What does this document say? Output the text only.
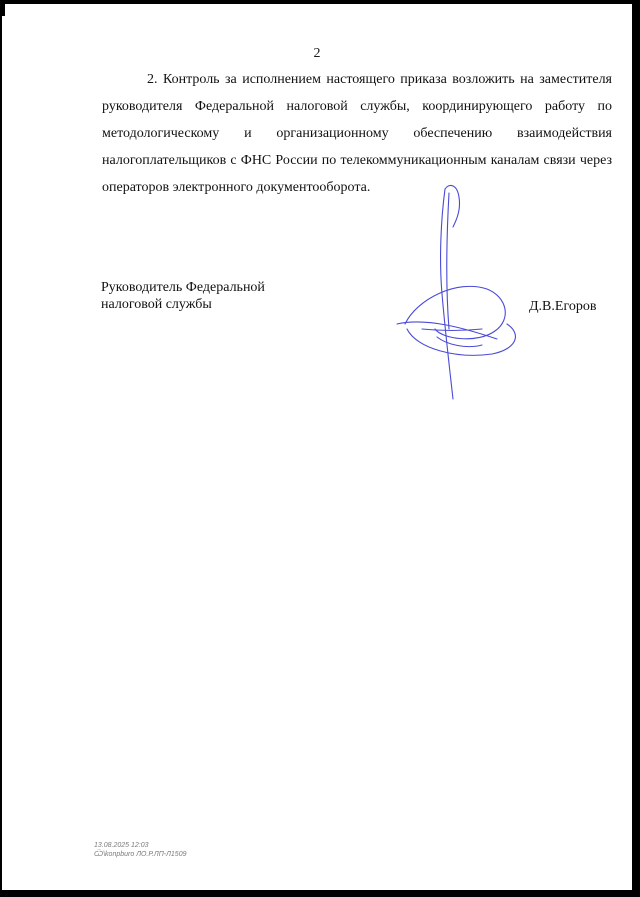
2

2. Контроль за исполнением настоящего приказа возложить на заместителя руководителя Федеральной налоговой службы, координирующего работу по методологическому и организационному обеспечению взаимодействия налогоплательщиков с ФНС России по телекоммуникационным каналам связи через операторов электронного документооборота.

Руководитель Федеральной
налоговой службы	Д.В.Егоров
13.08.2025 12:03
Ѿ\konpburo ЛО.Р.ЛП-Л1509
